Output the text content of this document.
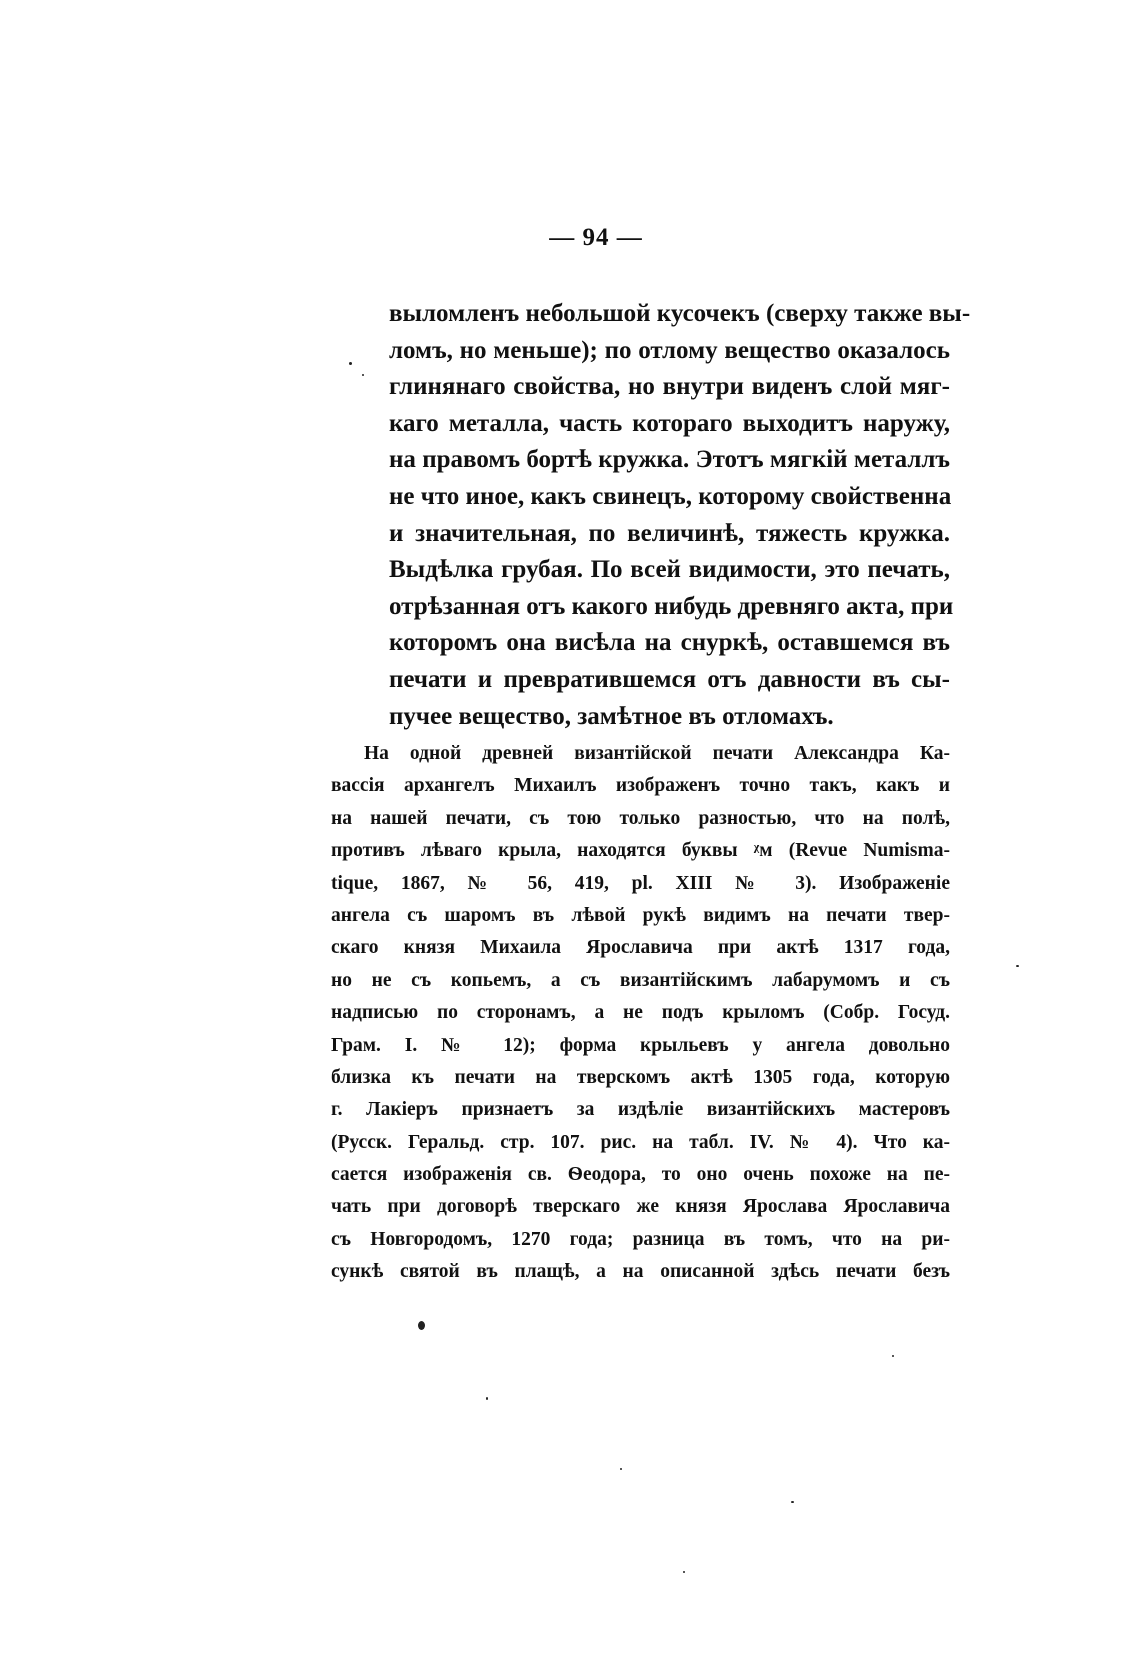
— 94 —
выломленъ небольшой кусочекъ (сверху также вы-
ломъ, но меньше); по отлому вещество оказалось
глинянаго свойства, но внутри виденъ слой мяг-
каго металла, часть котораго выходитъ наружу,
на правомъ бортѣ кружка. Этотъ мягкій металлъ
не что иное, какъ свинецъ, которому свойственна
и значительная, по величинѣ, тяжесть кружка.
Выдѣлка грубая. По всей видимости, это печать,
отрѣзанная отъ какого нибудь древняго акта, при
которомъ она висѣла на снуркѣ, оставшемся въ
печати и превратившемся отъ давности въ сы-
пучее вещество, замѣтное въ отломахъ.
На одной древней византійской печати Александра Ка-
вассія архангелъ Михаилъ изображенъ точно такъ, какъ и
на нашей печати, съ тою только разностью, что на полѣ,
противъ лѣваго крыла, находятся буквы ᵡм (Revue Numisma-
tique, 1867, № 56, 419, pl. XIII № 3). Изображеніе
ангела съ шаромъ въ лѣвой рукѣ видимъ на печати твер-
скаго князя Михаила Ярославича при актѣ 1317 года,
но не съ копьемъ, а съ византійскимъ лабарумомъ и съ
надписью по сторонамъ, а не подъ крыломъ (Собр. Госуд.
Грам. I. № 12); форма крыльевъ у ангела довольно
близка къ печати на тверскомъ актѣ 1305 года, которую
г. Лакіеръ признаетъ за издѣліе византійскихъ мастеровъ
(Русск. Геральд. стр. 107. рис. на табл. IV. № 4). Что ка-
сается изображенія св. Ѳеодора, то оно очень похоже на пе-
чать при договорѣ тверскаго же князя Ярослава Ярославича
съ Новгородомъ, 1270 года; разница въ томъ, что на ри-
сункѣ святой въ плащѣ, а на описанной здѣсь печати безъ
